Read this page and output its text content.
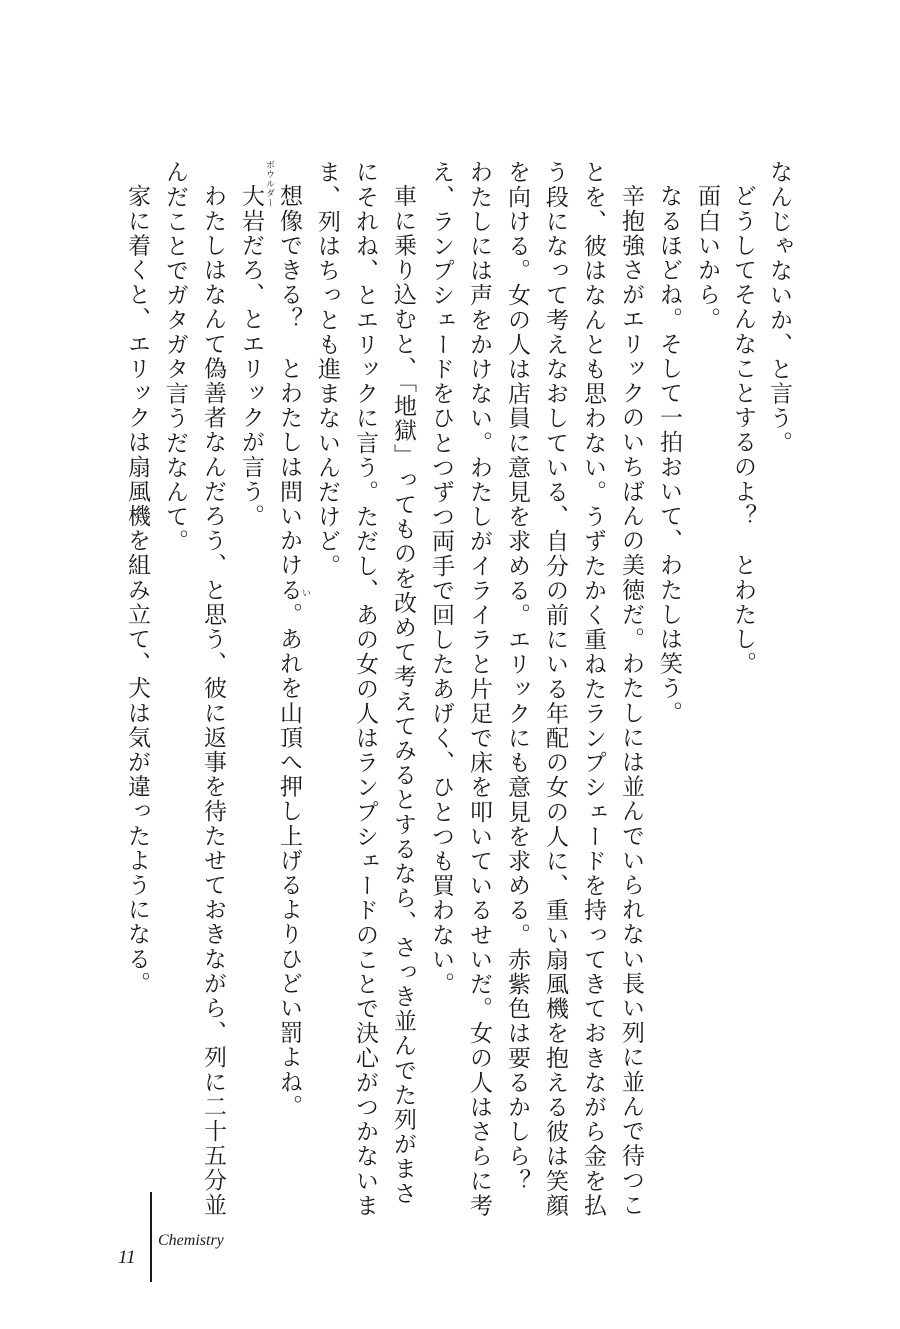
なんじゃないか、と言う。
どうしてそんなことするのよ？　とわたし。
面白いから。
なるほどね。そして一拍おいて、わたしは笑う。
辛抱強さがエリックのいちばんの美徳だ。わたしには並んでいられない長い列に並んで待つこ
とを、彼はなんとも思わない。うずたかく重ねたランプシェードを持ってきておきながら金を払
う段になって考えなおしている、自分の前にいる年配の女の人に、重い扇風機を抱える彼は笑顔
を向ける。女の人は店員に意見を求める。エリックにも意見を求める。赤紫色は要るかしら？
わたしには声をかけない。わたしがイライラと片足で床を叩いているせいだ。女の人はさらに考
え、ランプシェードをひとつずつ両手で回したあげく、ひとつも買わない。
車に乗り込むと、「地獄」ってものを改めて考えてみるとするなら、さっき並んでた列がまさ
にそれね、とエリックに言う。ただし、あの女の人はランプシェードのことで決心がつかないま
ま、列はちっとも進まないんだけど。
想像できる？　とわたしは問いかける。あれを山頂へ押し上げるよりひどい罰よね。
大岩だろ、とエリックが言う。
わたしはなんて偽善者なんだろう、と思う、彼に返事を待たせておきながら、列に二十五分並
んだことでガタガタ言うだなんて。
家に着くと、エリックは扇風機を組み立て、犬は気が違ったようになる。
ボウルダー
い
11
Chemistry
